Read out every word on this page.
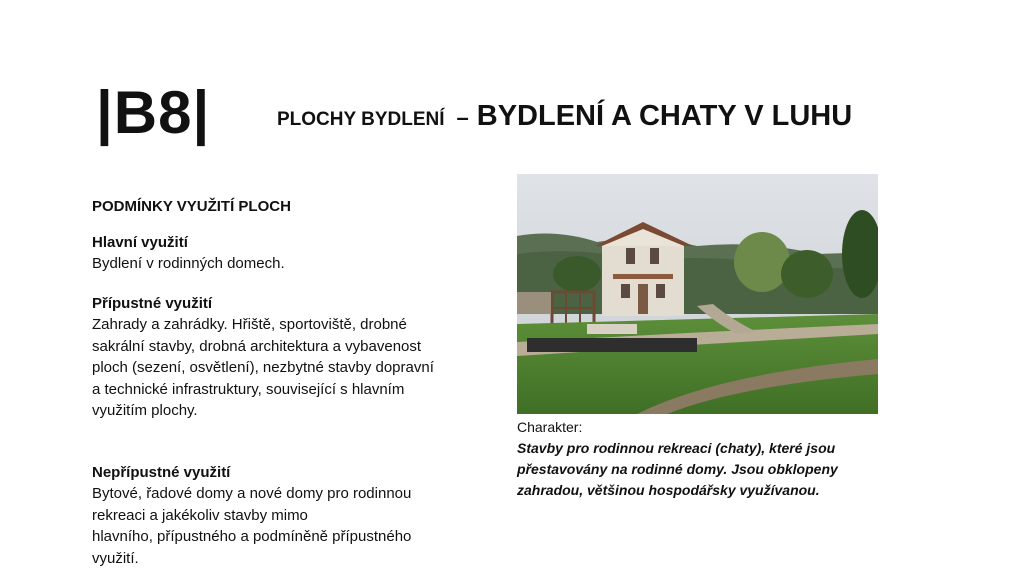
|B8|	PLOCHY BYDLENÍ – BYDLENÍ A CHATY V LUHU

PODMÍNKY VYUŽITÍ PLOCH

Hlavní využití

Bydlení v rodinných domech.

Přípustné využití

Zahrady a zahrádky. Hřiště, sportoviště, drobné

sakrální stavby, drobná architektura a vybavenost

ploch (sezení, osvětlení), nezbytné stavby dopravní

a technické infrastruktury, související s hlavním

využitím plochy.

Nepřípustné využití

Bytové, řadové domy a nové domy pro rodinnou

rekreaci a jakékoliv stavby mimo

hlavního, přípustného a podmíněně přípustného

využití.

Charakter:

Stavby pro rodinnou rekreaci (chaty), které jsou

přestavovány na rodinné domy. Jsou obklopeny

zahradou, většinou hospodářsky využívanou.
